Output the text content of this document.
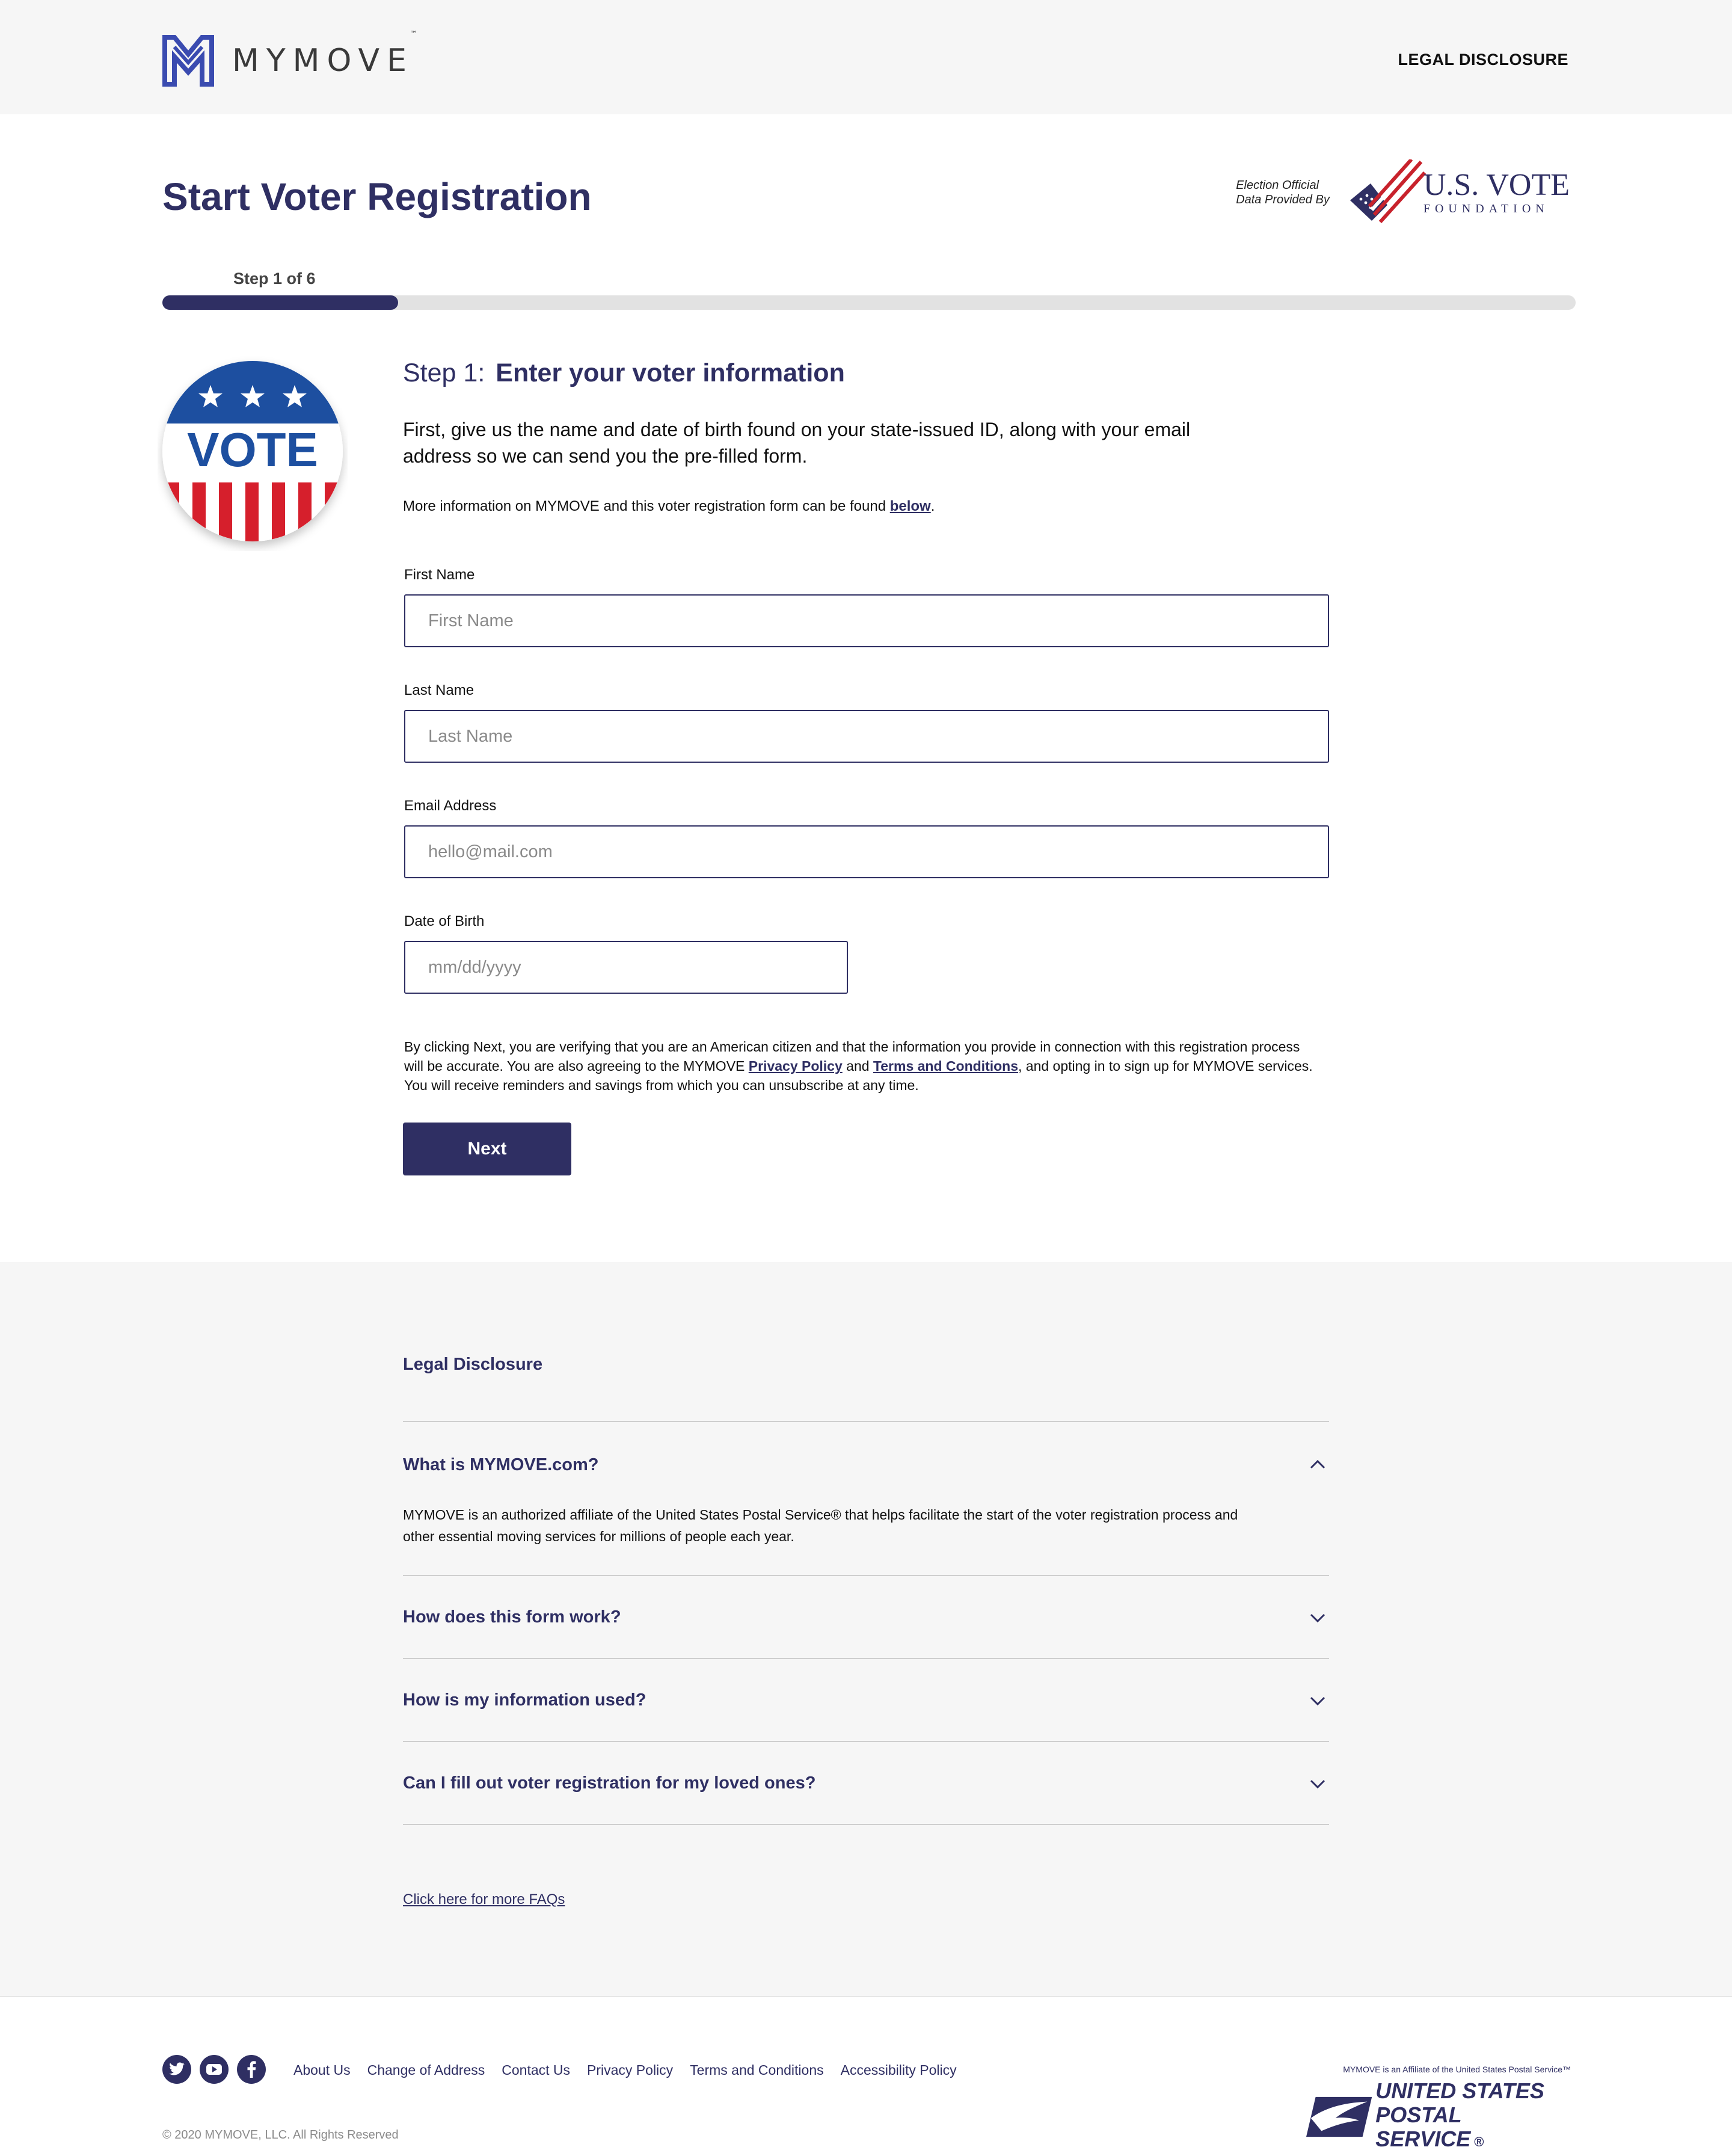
MYMOVE™
LEGAL DISCLOSURE
Start Voter Registration	Election Official
Data Provided By	U.S. VOTE
FOUNDATION
Step 1 of 6
VOTE
Step 1: Enter your voter information

First, give us the name and date of birth found on your state-issued ID, along with your email address so we can send you the pre-filled form.

More information on MYMOVE and this voter registration form can be found below.

First Name
First Name
Last Name
Last Name
Email Address
hello@mail.com
Date of Birth
mm/dd/yyyy

By clicking Next, you are verifying that you are an American citizen and that the information you provide in connection with this registration process will be accurate. You are also agreeing to the MYMOVE Privacy Policy and Terms and Conditions, and opting in to sign up for MYMOVE services. You will receive reminders and savings from which you can unsubscribe at any time.

Next
Legal Disclosure
What is MYMOVE.com?
MYMOVE is an authorized affiliate of the United States Postal Service® that helps facilitate the start of the voter registration process and other essential moving services for millions of people each year.
How does this form work?
How is my information used?
Can I fill out voter registration for my loved ones?
Click here for more FAQs
About Us Change of Address Contact Us Privacy Policy Terms and Conditions Accessibility Policy
© 2020 MYMOVE, LLC. All Rights Reserved
MYMOVE is an Affiliate of the United States Postal Service™
UNITED STATES
POSTAL SERVICE ®
